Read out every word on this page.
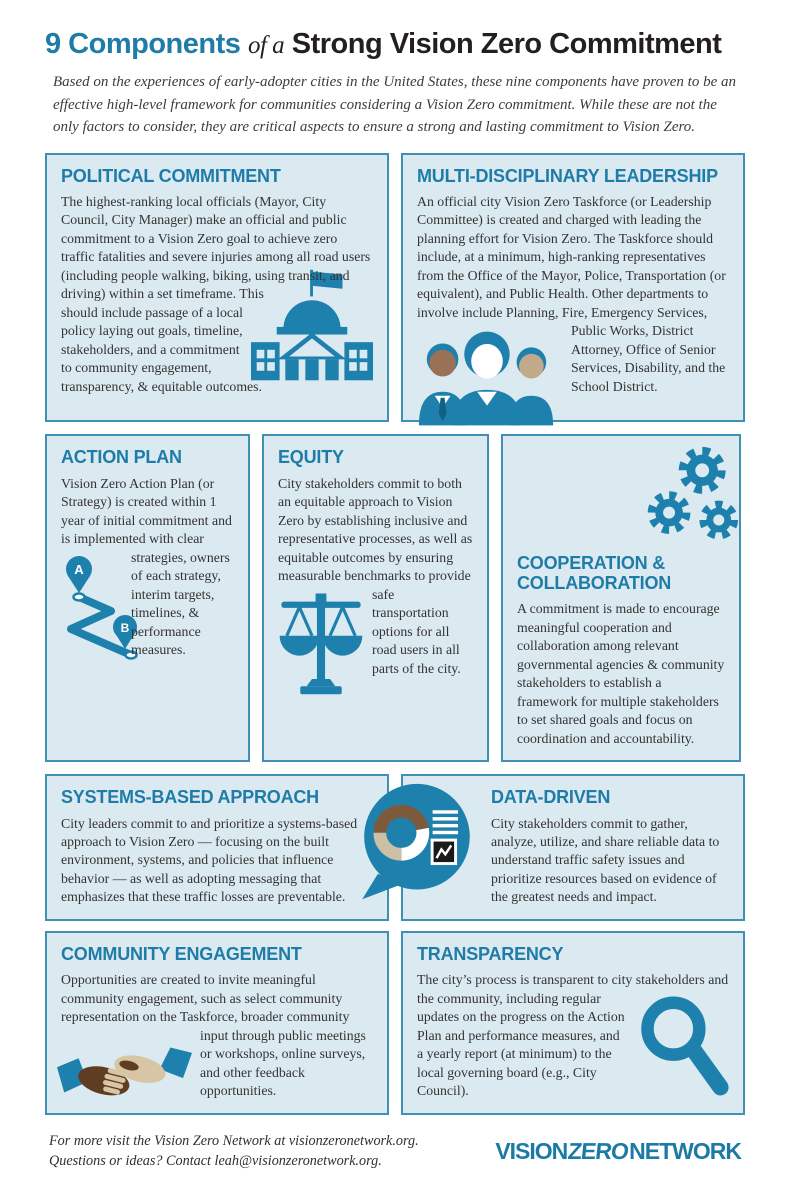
9 Components of a Strong Vision Zero Commitment

Based on the experiences of early-adopter cities in the United States, these nine components have proven to be an effective high-level framework for communities considering a Vision Zero commitment. While these are not the only factors to consider, they are critical aspects to ensure a strong and lasting commitment to Vision Zero.

POLITICAL COMMITMENT

The highest-ranking local officials (Mayor, City Council, City Manager) make an official and public commitment to a Vision Zero goal to achieve zero traffic fatalities and severe injuries among all road users (including
people walking, biking, using transit, and driving) within a set timeframe. This should include passage of a local policy laying out goals, timeline, stakeholders, and a commitment to community engagement, transparency, & equitable outcomes.

MULTI-DISCIPLINARY LEADERSHIP

An official city Vision Zero Taskforce (or Leadership Committee) is created and charged with leading the planning effort for Vision Zero. The Taskforce should include, at a minimum, high-ranking representatives from the Office of the Mayor, Police, Transportation (or equivalent), and Public Health. Other departments to involve include Planning, Fire, Emergency Services,
Public Works, District Attorney, Office of Senior Services, Disability, and the School District.

ACTION PLAN

Vision Zero Action Plan (or Strategy) is created within 1 year of initial commitment and is implemented with clear
A
B
strategies, owners of each strategy, interim targets, timelines, & performance measures.

EQUITY

City stakeholders commit to both an equitable approach to Vision Zero by establishing inclusive and representative processes, as well as equitable outcomes by ensuring measurable benchmarks to provide
safe transportation options for all road users in all parts of the city.

COOPERATION & COLLABORATION

A commitment is made to encourage meaningful cooperation and collaboration among relevant governmental agencies & community stakeholders to establish a framework for multiple stakeholders to set shared goals and focus on coordination and accountability.

SYSTEMS-BASED APPROACH

City leaders commit to and prioritize a systems-based approach to Vision Zero — focusing on the built environment, systems, and policies that influence behavior — as well as adopting messaging that emphasizes that these traffic losses are preventable.

DATA-DRIVEN

City stakeholders commit to gather, analyze, utilize, and share reliable data to understand traffic safety issues and prioritize resources based on evidence of the greatest needs and impact.

COMMUNITY ENGAGEMENT

Opportunities are created to invite meaningful community engagement, such as select community representation on the Taskforce, broader community
input through public meetings or workshops, online surveys, and other feedback opportunities.

TRANSPARENCY

The city’s process is transparent to city stakeholders and the community, including regular
updates on the progress on the Action Plan and performance measures, and a yearly report (at minimum) to the local governing board (e.g., City Council).

For more visit the Vision Zero Network at visionzeronetwork.org.
Questions or ideas? Contact leah@visionzeronetwork.org.	VISIONZERONETWORK
